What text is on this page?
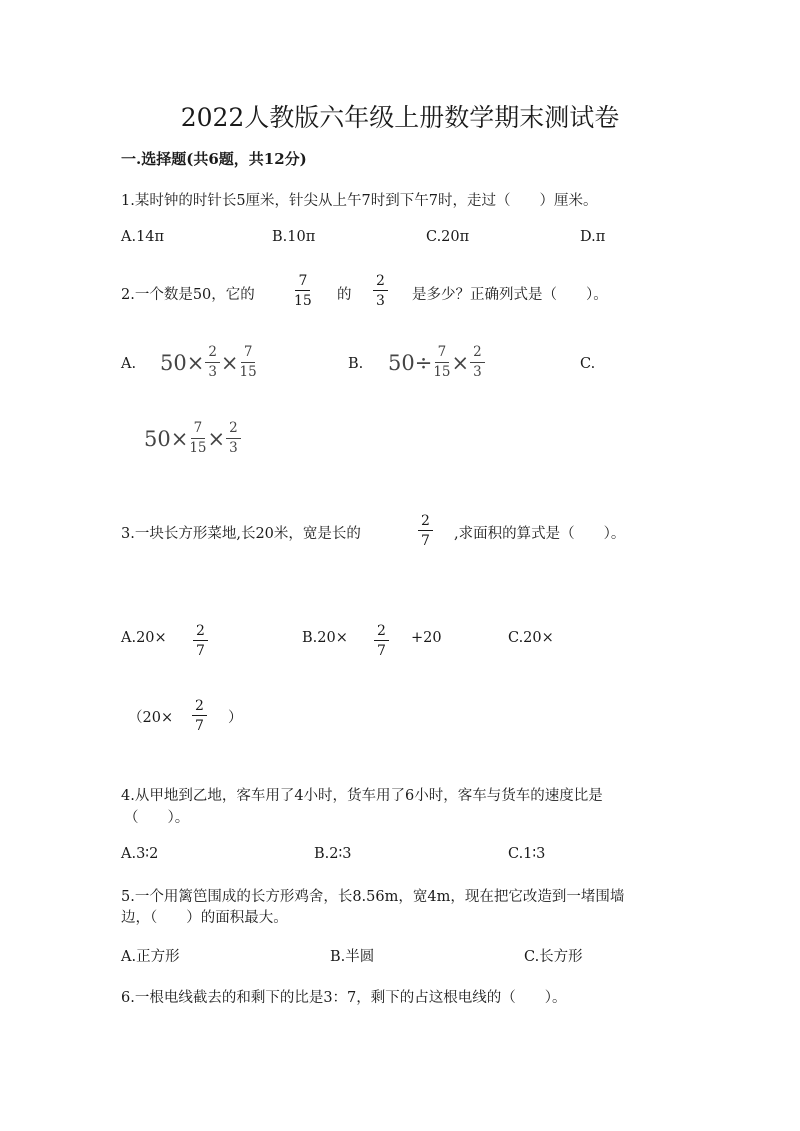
2022人教版六年级上册数学期末测试卷
一.选择题(共6题，共12分)
1.某时钟的时针长5厘米，针尖从上午7时到下午7时，走过（　　）厘米。
A.14π	B.10π	C.20π	D.π
2.一个数是50，它的	$\frac{7}{15}$ 的 $\frac{2}{3}$ 是多少？正确列式是（　　）。
A. $50\times \frac{2}{3} \times \frac{7}{15}$	B. $50\div \frac{7}{15} \times \frac{2}{3}$	C.
$50\times \frac{7}{15} \times \frac{2}{3}$
3.一块长方形菜地,长20米，宽是长的	$\frac{2}{7}$ ,求面积的算式是（　　）。
$A.20\times \frac{2}{7}$	$B.20\times \frac{2}{7} +20$	C.20×
（$20\times \frac{2}{7}$ ）
4.从甲地到乙地，客车用了4小时，货车用了6小时，客车与货车的速度比是
（　　）。
A.3∶2	B.2∶3	C.1∶3
5.一个用篱笆围成的长方形鸡舍，长8.56m，宽4m，现在把它改造到一堵围墙
边，（　　）的面积最大。
A.正方形	B.半圆	C.长方形
6.一根电线截去的和剩下的比是3：7，剩下的占这根电线的（　　）。
